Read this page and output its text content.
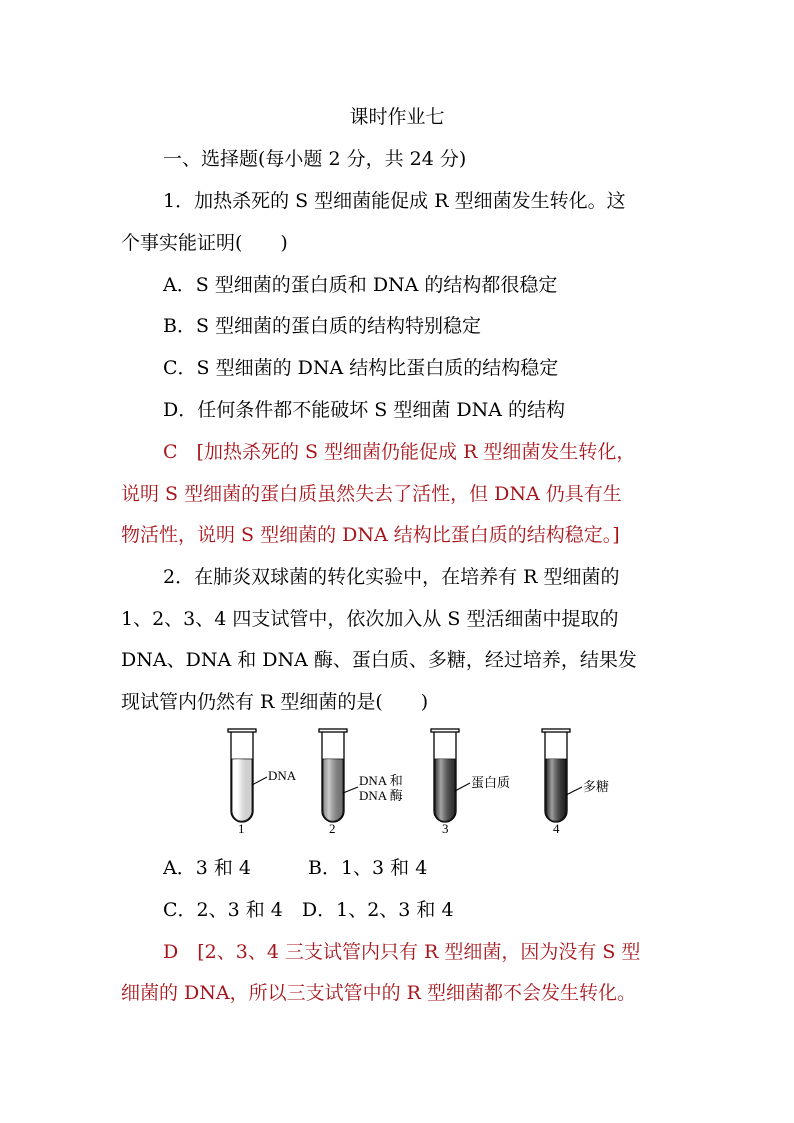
课时作业七
一、选择题(每小题 2 分，共 24 分)
1．加热杀死的 S 型细菌能促成 R 型细菌发生转化。这
个事实能证明(　　)
A．S 型细菌的蛋白质和 DNA 的结构都很稳定
B．S 型细菌的蛋白质的结构特别稳定
C．S 型细菌的 DNA 结构比蛋白质的结构稳定
D．任何条件都不能破坏 S 型细菌 DNA 的结构
C　[加热杀死的 S 型细菌仍能促成 R 型细菌发生转化，
说明 S 型细菌的蛋白质虽然失去了活性，但 DNA 仍具有生
物活性，说明 S 型细菌的 DNA 结构比蛋白质的结构稳定。]
2．在肺炎双球菌的转化实验中，在培养有 R 型细菌的
1、2、3、4 四支试管中，依次加入从 S 型活细菌中提取的
DNA、DNA 和 DNA 酶、蛋白质、多糖，经过培养，结果发
现试管内仍然有 R 型细菌的是(　　)
DNA
1
DNA 和
DNA 酶
2
蛋白质
3
多糖
4
A．3 和 4　　　B．1、3 和 4
C．2、3 和 4　D．1、2、3 和 4
D　[2、3、4 三支试管内只有 R 型细菌，因为没有 S 型
细菌的 DNA，所以三支试管中的 R 型细菌都不会发生转化。
